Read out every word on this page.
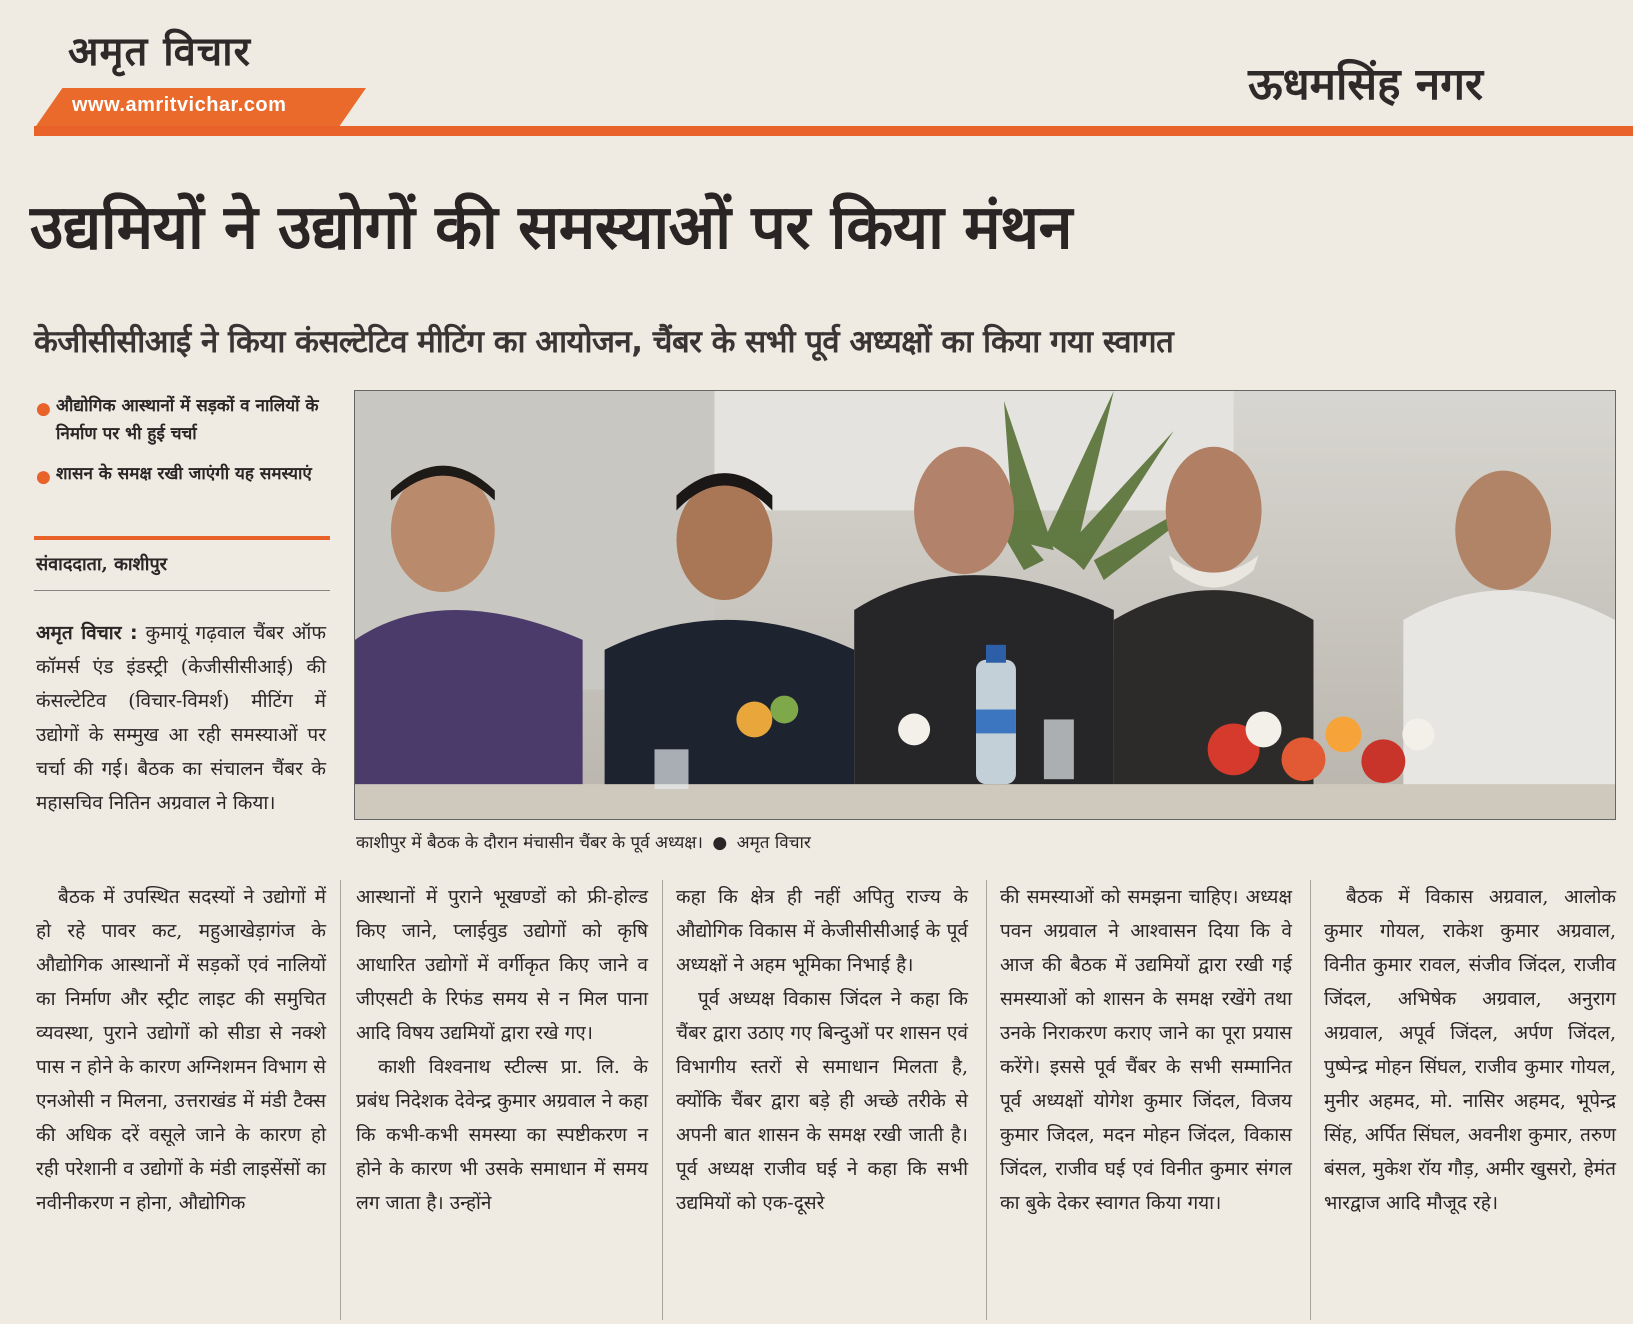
अमृत विचार
www.amritvichar.com	ऊधमसिंह नगर
उद्यमियों ने उद्योगों की समस्याओं पर किया मंथन
केजीसीसीआई ने किया कंसल्टेटिव मीटिंग का आयोजन, चैंबर के सभी पूर्व अध्यक्षों का किया गया स्वागत
● औद्योगिक आस्थानों में सड़कों व नालियों के निर्माण पर भी हुई चर्चा
● शासन के समक्ष रखी जाएंगी यह समस्याएं
संवाददाता, काशीपुर
काशीपुर में बैठक के दौरान मंचासीन चैंबर के पूर्व अध्यक्ष। ● अमृत विचार

अमृत विचार : कुमायूं गढ़वाल चैंबर ऑफ कॉमर्स एंड इंडस्ट्री (केजीसीसीआई) की कंसल्टेटिव (विचार-विमर्श) मीटिंग में उद्योगों के सम्मुख आ रही समस्याओं पर चर्चा की गई। बैठक का संचालन चैंबर के महासचिव नितिन अग्रवाल ने किया।

बैठक में उपस्थित सदस्यों ने उद्योगों में हो रहे पावर कट, महुआखेड़ागंज के औद्योगिक आस्थानों में सड़कों एवं नालियों का निर्माण और स्ट्रीट लाइट की समुचित व्यवस्था, पुराने उद्योगों को सीडा से नक्शे पास न होने के कारण अग्निशमन विभाग से एनओसी न मिलना, उत्तराखंड में मंडी टैक्स की अधिक दरें वसूले जाने के कारण हो रही परेशानी व उद्योगों के मंडी लाइसेंसों का नवीनीकरण न होना, औद्योगिक

आस्थानों में पुराने भूखण्डों को फ्री-होल्ड किए जाने, प्लाईवुड उद्योगों को कृषि आधारित उद्योगों में वर्गीकृत किए जाने व जीएसटी के रिफंड समय से न मिल पाना आदि विषय उद्यमियों द्वारा रखे गए।

काशी विश्वनाथ स्टील्स प्रा. लि. के प्रबंध निदेशक देवेन्द्र कुमार अग्रवाल ने कहा कि कभी-कभी समस्या का स्पष्टीकरण न होने के कारण भी उसके समाधान में समय लग जाता है। उन्होंने

कहा कि क्षेत्र ही नहीं अपितु राज्य के औद्योगिक विकास में केजीसीसीआई के पूर्व अध्यक्षों ने अहम भूमिका निभाई है।

पूर्व अध्यक्ष विकास जिंदल ने कहा कि चैंबर द्वारा उठाए गए बिन्दुओं पर शासन एवं विभागीय स्तरों से समाधान मिलता है, क्योंकि चैंबर द्वारा बड़े ही अच्छे तरीके से अपनी बात शासन के समक्ष रखी जाती है। पूर्व अध्यक्ष राजीव घई ने कहा कि सभी उद्यमियों को एक-दूसरे

की समस्याओं को समझना चाहिए। अध्यक्ष पवन अग्रवाल ने आश्वासन दिया कि वे आज की बैठक में उद्यमियों द्वारा रखी गई समस्याओं को शासन के समक्ष रखेंगे तथा उनके निराकरण कराए जाने का पूरा प्रयास करेंगे। इससे पूर्व चैंबर के सभी सम्मानित पूर्व अध्यक्षों योगेश कुमार जिंदल, विजय कुमार जिदल, मदन मोहन जिंदल, विकास जिंदल, राजीव घई एवं विनीत कुमार संगल का बुके देकर स्वागत किया गया।

बैठक में विकास अग्रवाल, आलोक कुमार गोयल, राकेश कुमार अग्रवाल, विनीत कुमार रावल, संजीव जिंदल, राजीव जिंदल, अभिषेक अग्रवाल, अनुराग अग्रवाल, अपूर्व जिंदल, अर्पण जिंदल, पुष्पेन्द्र मोहन सिंघल, राजीव कुमार गोयल, मुनीर अहमद, मो. नासिर अहमद, भूपेन्द्र सिंह, अर्पित सिंघल, अवनीश कुमार, तरुण बंसल, मुकेश रॉय गौड़, अमीर खुसरो, हेमंत भारद्वाज आदि मौजूद रहे।
